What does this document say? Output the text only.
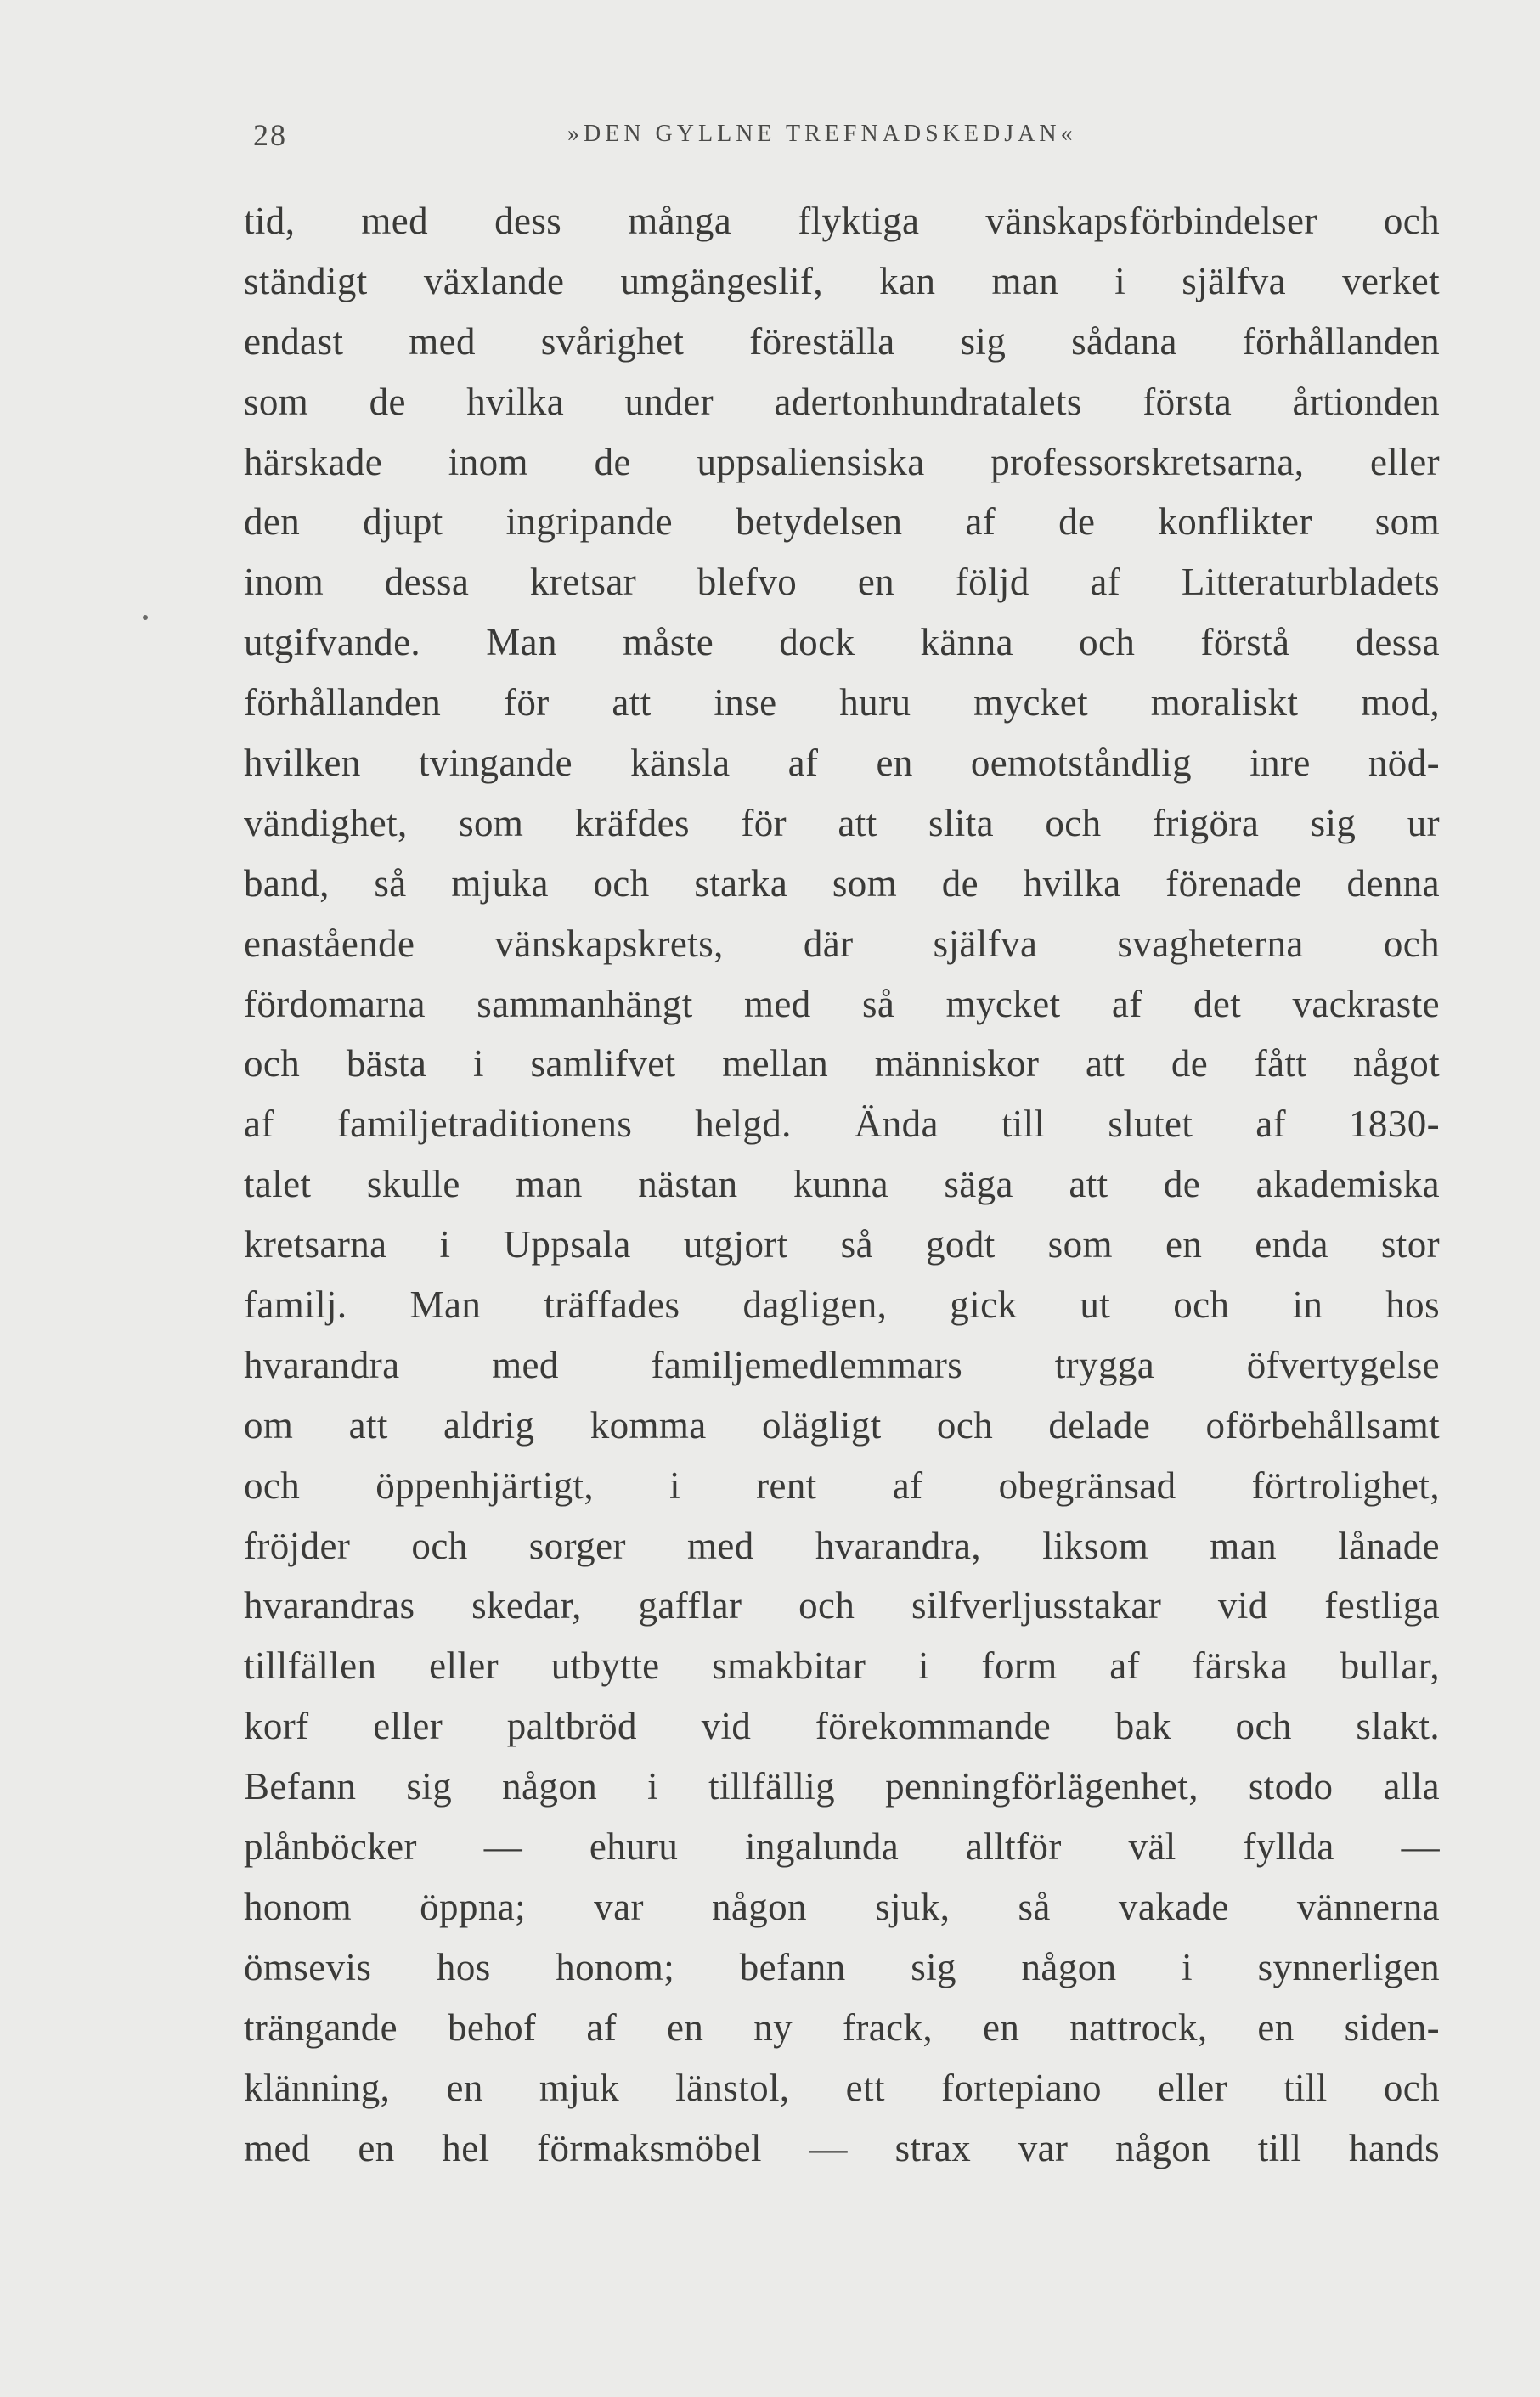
28	»DEN GYLLNE TREFNADSKEDJAN«
tid, med dess många flyktiga vänskapsförbindelser och
ständigt växlande umgängeslif, kan man i själfva verket
endast med svårighet föreställa sig sådana förhållanden
som de hvilka under adertonhundratalets första årtionden
härskade inom de uppsaliensiska professorskretsarna, eller
den djupt ingripande betydelsen af de konflikter som
inom dessa kretsar blefvo en följd af Litteraturbladets
utgifvande. Man måste dock känna och förstå dessa
förhållanden för att inse huru mycket moraliskt mod,
hvilken tvingande känsla af en oemotståndlig inre nöd-
vändighet, som kräfdes för att slita och frigöra sig ur
band, så mjuka och starka som de hvilka förenade denna
enastående vänskapskrets, där själfva svagheterna och
fördomarna sammanhängt med så mycket af det vackraste
och bästa i samlifvet mellan människor att de fått något
af familjetraditionens helgd. Ända till slutet af 1830-
talet skulle man nästan kunna säga att de akademiska
kretsarna i Uppsala utgjort så godt som en enda stor
familj. Man träffades dagligen, gick ut och in hos
hvarandra med familjemedlemmars trygga öfvertygelse
om att aldrig komma olägligt och delade oförbehållsamt
och öppenhjärtigt, i rent af obegränsad förtrolighet,
fröjder och sorger med hvarandra, liksom man lånade
hvarandras skedar, gafflar och silfverljusstakar vid festliga
tillfällen eller utbytte smakbitar i form af färska bullar,
korf eller paltbröd vid förekommande bak och slakt.
Befann sig någon i tillfällig penningförlägenhet, stodo alla
plånböcker — ehuru ingalunda alltför väl fyllda —
honom öppna; var någon sjuk, så vakade vännerna
ömsevis hos honom; befann sig någon i synnerligen
trängande behof af en ny frack, en nattrock, en siden-
klänning, en mjuk länstol, ett fortepiano eller till och
med en hel förmaksmöbel — strax var någon till hands
